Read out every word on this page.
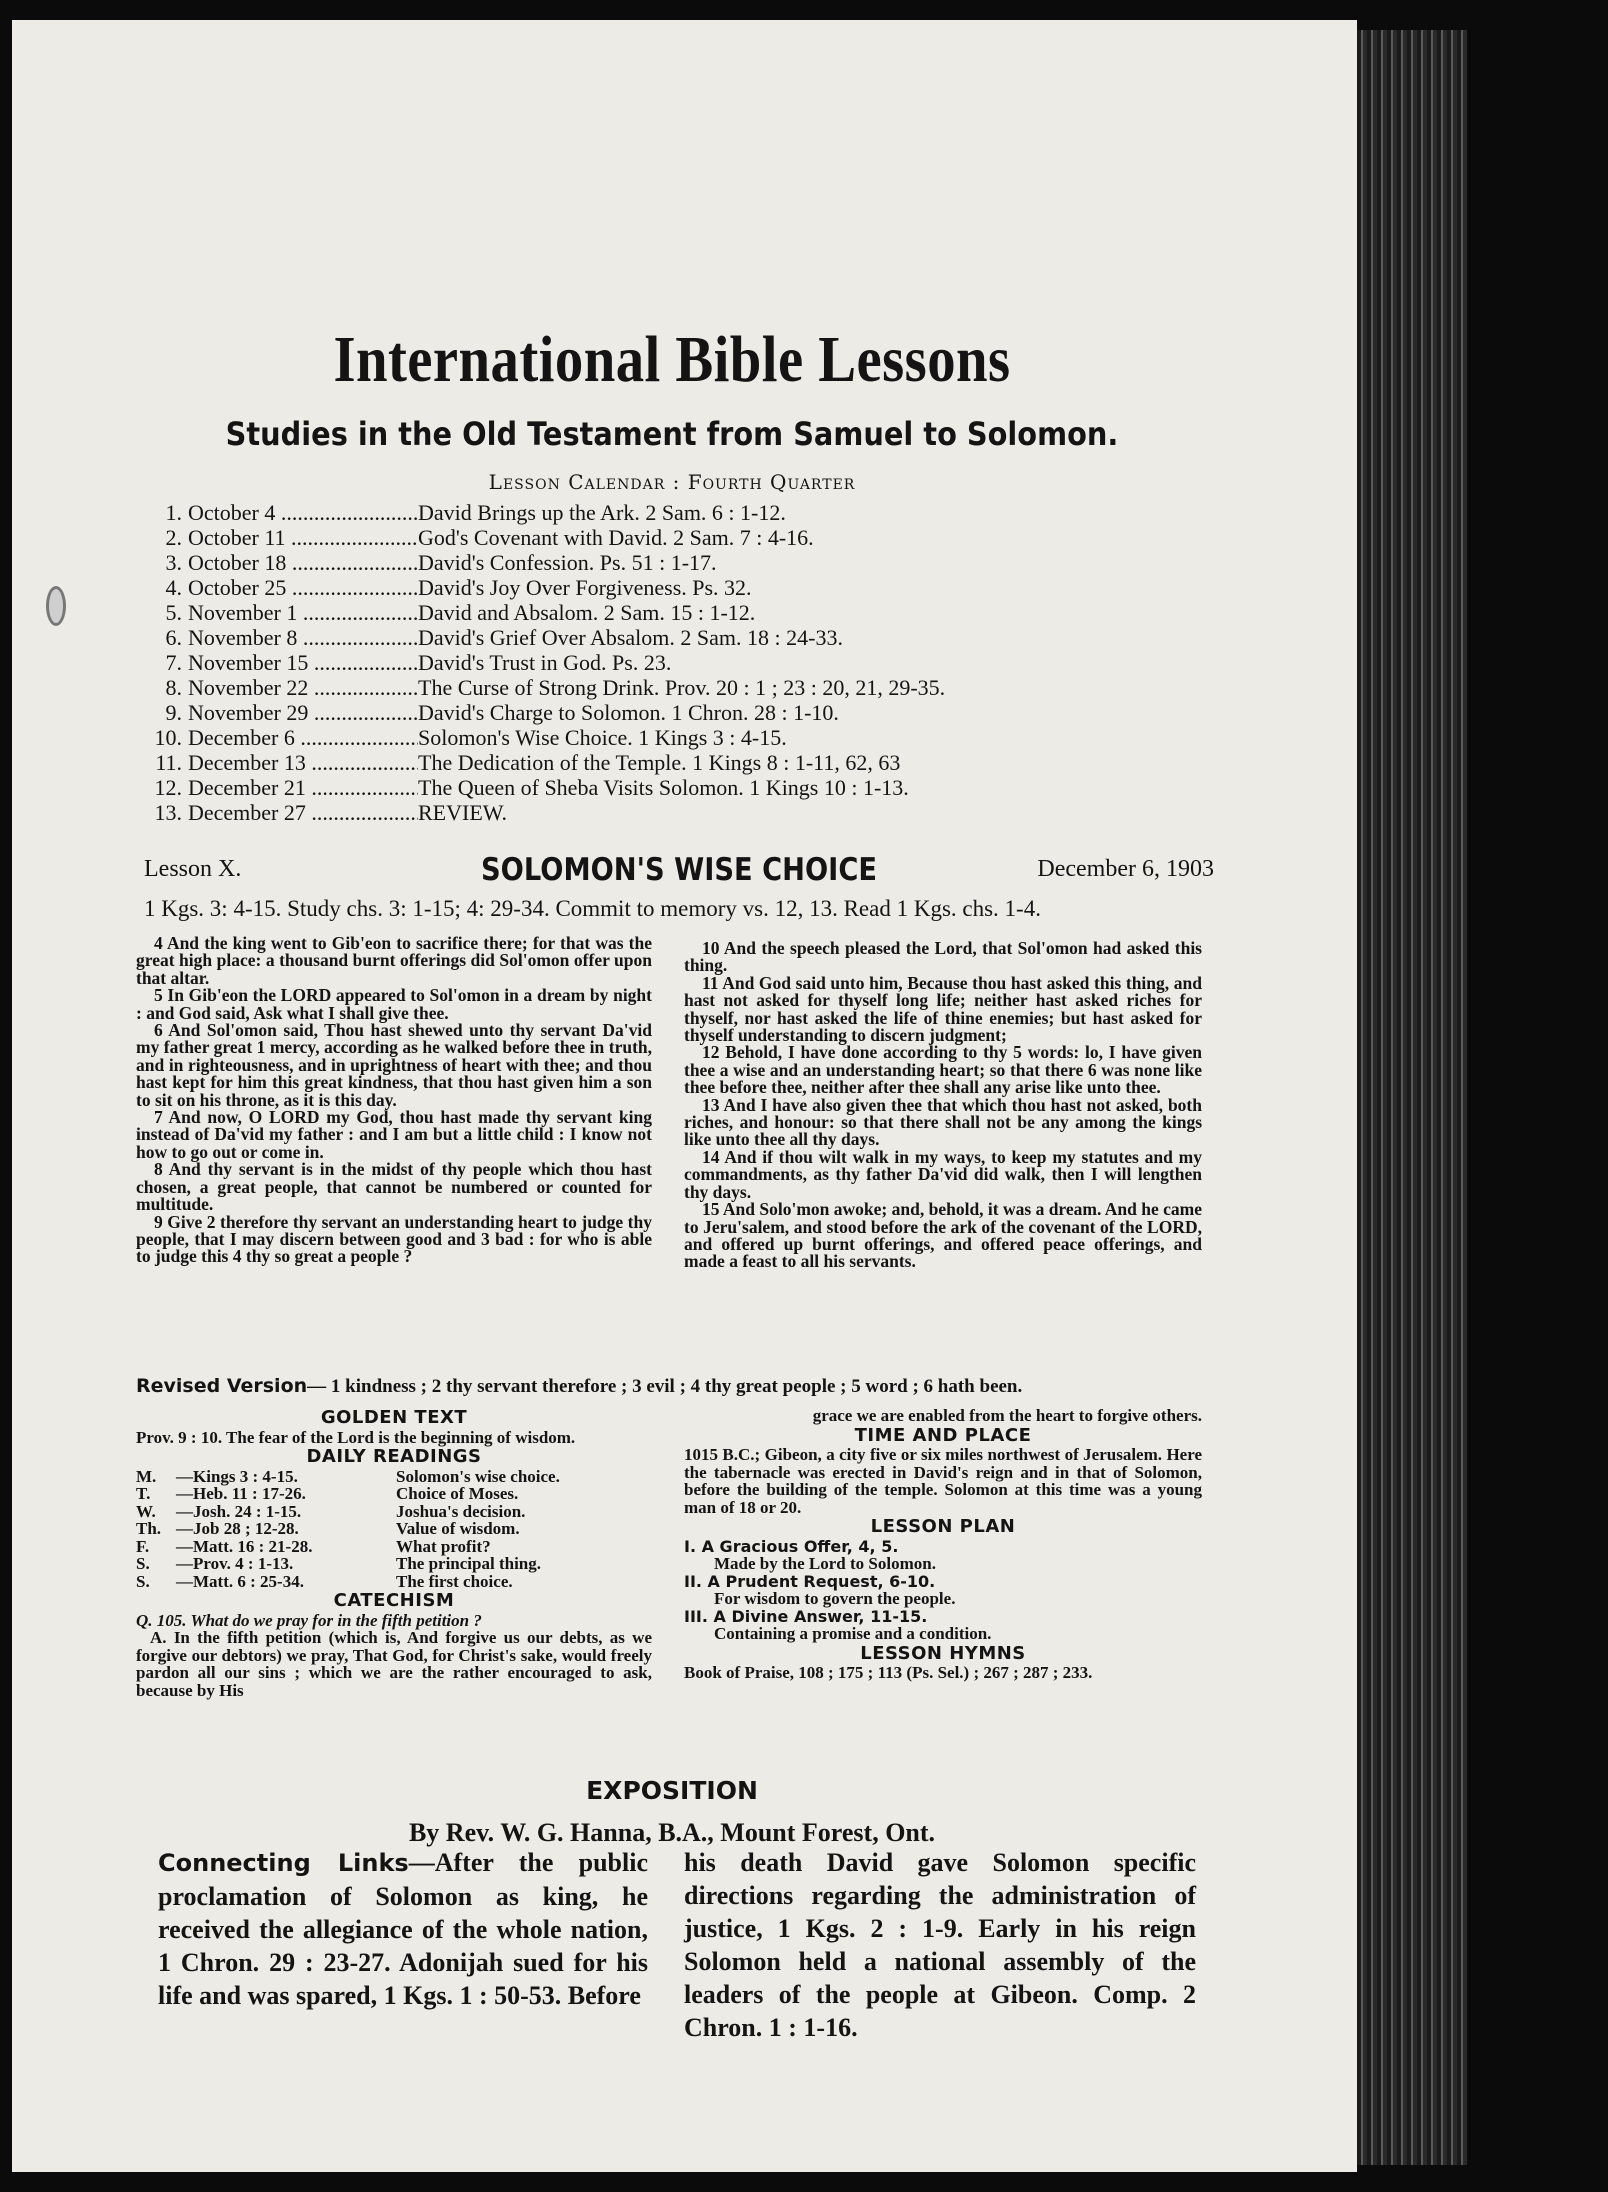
International Bible Lessons
Studies in the Old Testament from Samuel to Solomon.
Lesson Calendar : Fourth Quarter
1. October 4 .....	David Brings up the Ark. 2 Sam. 6 : 1-12.
2. October 11 .....	God's Covenant with David. 2 Sam. 7 : 4-16.
3. October 18 .....	David's Confession. Ps. 51 : 1-17.
4. October 25 .....	David's Joy Over Forgiveness. Ps. 32.
5. November 1 .....	David and Absalom. 2 Sam. 15 : 1-12.
6. November 8 .....	David's Grief Over Absalom. 2 Sam. 18 : 24-33.
7. November 15 .....	David's Trust in God. Ps. 23.
8. November 22 .....	The Curse of Strong Drink. Prov. 20 : 1 ; 23 : 20, 21, 29-35.
9. November 29 .....	David's Charge to Solomon. 1 Chron. 28 : 1-10.
10. December 6 .....	Solomon's Wise Choice. 1 Kings 3 : 4-15.
11. December 13 .....	The Dedication of the Temple. 1 Kings 8 : 1-11, 62, 63
12. December 21 .....	The Queen of Sheba Visits Solomon. 1 Kings 10 : 1-13.
13. December 27 .....	REVIEW.
Lesson X.	SOLOMON'S WISE CHOICE	December 6, 1903
1 Kgs. 3: 4-15. Study chs. 3: 1-15; 4: 29-34. Commit to memory vs. 12, 13. Read 1 Kgs. chs. 1-4.

4 And the king went to Gib'eon to sacrifice there; for that was the great high place: a thousand burnt offerings did Sol'omon offer upon that altar.

5 In Gib'eon the LORD appeared to Sol'omon in a dream by night : and God said, Ask what I shall give thee.

6 And Sol'omon said, Thou hast shewed unto thy servant Da'vid my father great 1 mercy, according as he walked before thee in truth, and in righteousness, and in uprightness of heart with thee; and thou hast kept for him this great kindness, that thou hast given him a son to sit on his throne, as it is this day.

7 And now, O LORD my God, thou hast made thy servant king instead of Da'vid my father : and I am but a little child : I know not how to go out or come in.

8 And thy servant is in the midst of thy people which thou hast chosen, a great people, that cannot be numbered or counted for multitude.

9 Give 2 therefore thy servant an understanding heart to judge thy people, that I may discern between good and 3 bad : for who is able to judge this 4 thy so great a people ?

10 And the speech pleased the Lord, that Sol'omon had asked this thing.

11 And God said unto him, Because thou hast asked this thing, and hast not asked for thyself long life; neither hast asked riches for thyself, nor hast asked the life of thine enemies; but hast asked for thyself understanding to discern judgment;

12 Behold, I have done according to thy 5 words: lo, I have given thee a wise and an understanding heart; so that there 6 was none like thee before thee, neither after thee shall any arise like unto thee.

13 And I have also given thee that which thou hast not asked, both riches, and honour: so that there shall not be any among the kings like unto thee all thy days.

14 And if thou wilt walk in my ways, to keep my statutes and my commandments, as thy father Da'vid did walk, then I will lengthen thy days.

15 And Solo'mon awoke; and, behold, it was a dream. And he came to Jeru'salem, and stood before the ark of the covenant of the LORD, and offered up burnt offerings, and offered peace offerings, and made a feast to all his servants.

Revised Version— 1 kindness ; 2 thy servant therefore ; 3 evil ; 4 thy great people ; 5 word ; 6 hath been.
GOLDEN TEXT
Prov. 9 : 10. The fear of the Lord is the beginning of wisdom.
DAILY READINGS
M.	—Kings 3 : 4-15.	Solomon's wise choice.
T.	—Heb. 11 : 17-26.	Choice of Moses.
W.	—Josh. 24 : 1-15.	Joshua's decision.
Th. —Job 28 ; 12-28.	Value of wisdom.
F.	—Matt. 16 : 21-28.	What profit?
S.	—Prov. 4 : 1-13.	The principal thing.
S.	—Matt. 6 : 25-34.	The first choice.
CATECHISM
Q. 105. What do we pray for in the fifth petition ?
A. In the fifth petition (which is, And forgive us our debts, as we forgive our debtors) we pray, That God, for Christ's sake, would freely pardon all our sins ; which we are the rather encouraged to ask, because by His
grace we are enabled from the heart to forgive others.
TIME AND PLACE
1015 B.C.; Gibeon, a city five or six miles northwest of Jerusalem. Here the tabernacle was erected in David's reign and in that of Solomon, before the building of the temple. Solomon at this time was a young man of 18 or 20.
LESSON PLAN
I. A Gracious Offer, 4, 5.
Made by the Lord to Solomon.
II. A Prudent Request, 6-10.
For wisdom to govern the people.
III. A Divine Answer, 11-15.
Containing a promise and a condition.
LESSON HYMNS
Book of Praise, 108 ; 175 ; 113 (Ps. Sel.) ; 267 ; 287 ; 233.
EXPOSITION
By Rev. W. G. Hanna, B.A., Mount Forest, Ont.
Connecting Links—After the public proclamation of Solomon as king, he received the allegiance of the whole nation, 1 Chron. 29 : 23-27. Adonijah sued for his life and was spared, 1 Kgs. 1 : 50-53. Before
his death David gave Solomon specific directions regarding the administration of justice, 1 Kgs. 2 : 1-9. Early in his reign Solomon held a national assembly of the leaders of the people at Gibeon. Comp. 2 Chron. 1 : 1-16.
